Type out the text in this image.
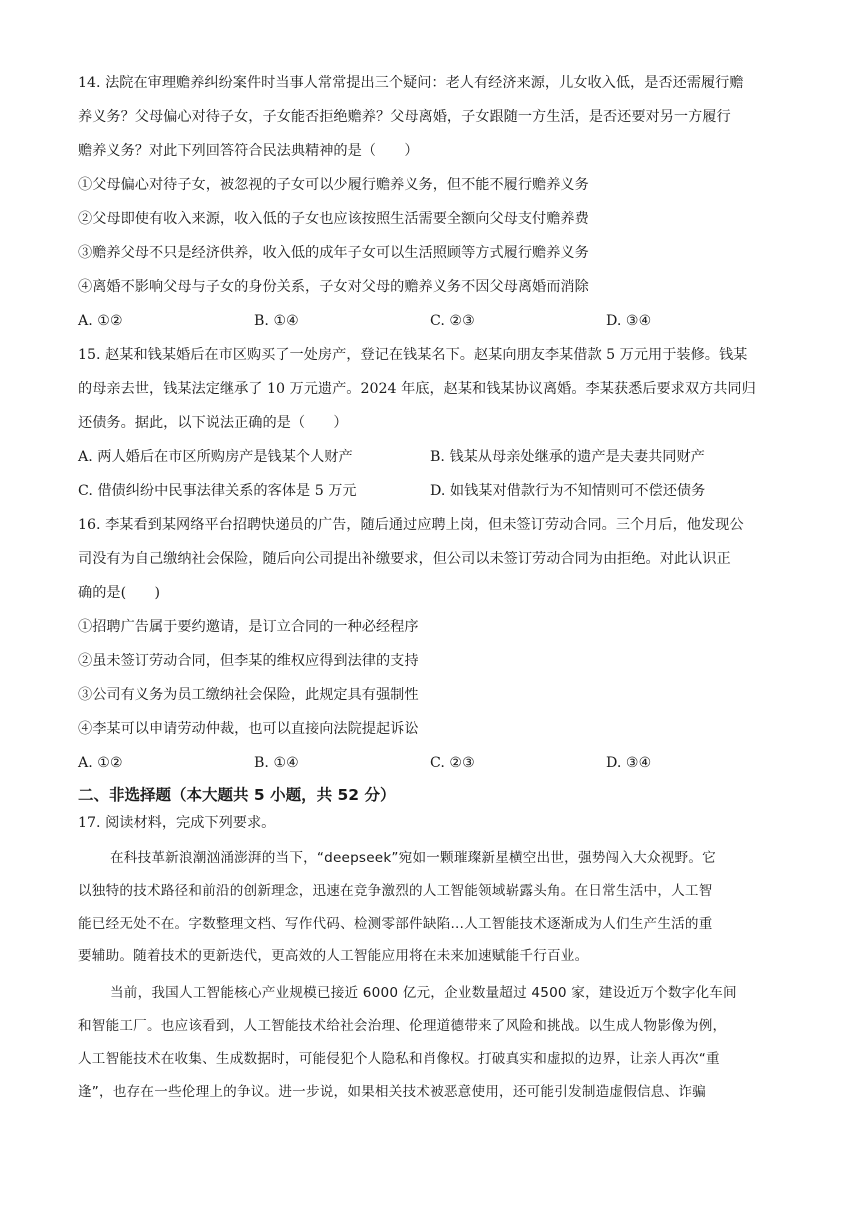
14. 法院在审理赡养纠纷案件时当事人常常提出三个疑问：老人有经济来源，儿女收入低，是否还需履行赡
养义务？父母偏心对待子女，子女能否拒绝赡养？父母离婚，子女跟随一方生活，是否还要对另一方履行
赡养义务？对此下列回答符合民法典精神的是（　　）
①父母偏心对待子女，被忽视的子女可以少履行赡养义务，但不能不履行赡养义务
②父母即使有收入来源，收入低的子女也应该按照生活需要全额向父母支付赡养费
③赡养父母不只是经济供养，收入低的成年子女可以生活照顾等方式履行赡养义务
④离婚不影响父母与子女的身份关系，子女对父母的赡养义务不因父母离婚而消除
A. ①②	B. ①④	C. ②③	D. ③④
15. 赵某和钱某婚后在市区购买了一处房产，登记在钱某名下。赵某向朋友李某借款 5 万元用于装修。钱某
的母亲去世，钱某法定继承了 10 万元遗产。2024 年底，赵某和钱某协议离婚。李某获悉后要求双方共同归
还债务。据此，以下说法正确的是（　　）
A. 两人婚后在市区所购房产是钱某个人财产	B. 钱某从母亲处继承的遗产是夫妻共同财产
C. 借债纠纷中民事法律关系的客体是 5 万元	D. 如钱某对借款行为不知情则可不偿还债务
16. 李某看到某网络平台招聘快递员的广告，随后通过应聘上岗，但未签订劳动合同。三个月后，他发现公
司没有为自己缴纳社会保险，随后向公司提出补缴要求，但公司以未签订劳动合同为由拒绝。对此认识正
确的是(　　)
①招聘广告属于要约邀请，是订立合同的一种必经程序
②虽未签订劳动合同，但李某的维权应得到法律的支持
③公司有义务为员工缴纳社会保险，此规定具有强制性
④李某可以申请劳动仲裁，也可以直接向法院提起诉讼
A. ①②	B. ①④	C. ②③	D. ③④
二、非选择题（本大题共 5 小题，共 52 分）
17. 阅读材料，完成下列要求。
在科技革新浪潮汹涌澎湃的当下，“deepseek”宛如一颗璀璨新星横空出世，强势闯入大众视野。它
以独特的技术路径和前沿的创新理念，迅速在竞争激烈的人工智能领域崭露头角。在日常生活中，人工智
能已经无处不在。字数整理文档、写作代码、检测零部件缺陷…人工智能技术逐渐成为人们生产生活的重
要辅助。随着技术的更新迭代，更高效的人工智能应用将在未来加速赋能千行百业。
当前，我国人工智能核心产业规模已接近 6000 亿元，企业数量超过 4500 家，建设近万个数字化车间
和智能工厂。也应该看到，人工智能技术给社会治理、伦理道德带来了风险和挑战。以生成人物影像为例，
人工智能技术在收集、生成数据时，可能侵犯个人隐私和肖像权。打破真实和虚拟的边界，让亲人再次“重
逢”，也存在一些伦理上的争议。进一步说，如果相关技术被恶意使用，还可能引发制造虚假信息、诈骗
